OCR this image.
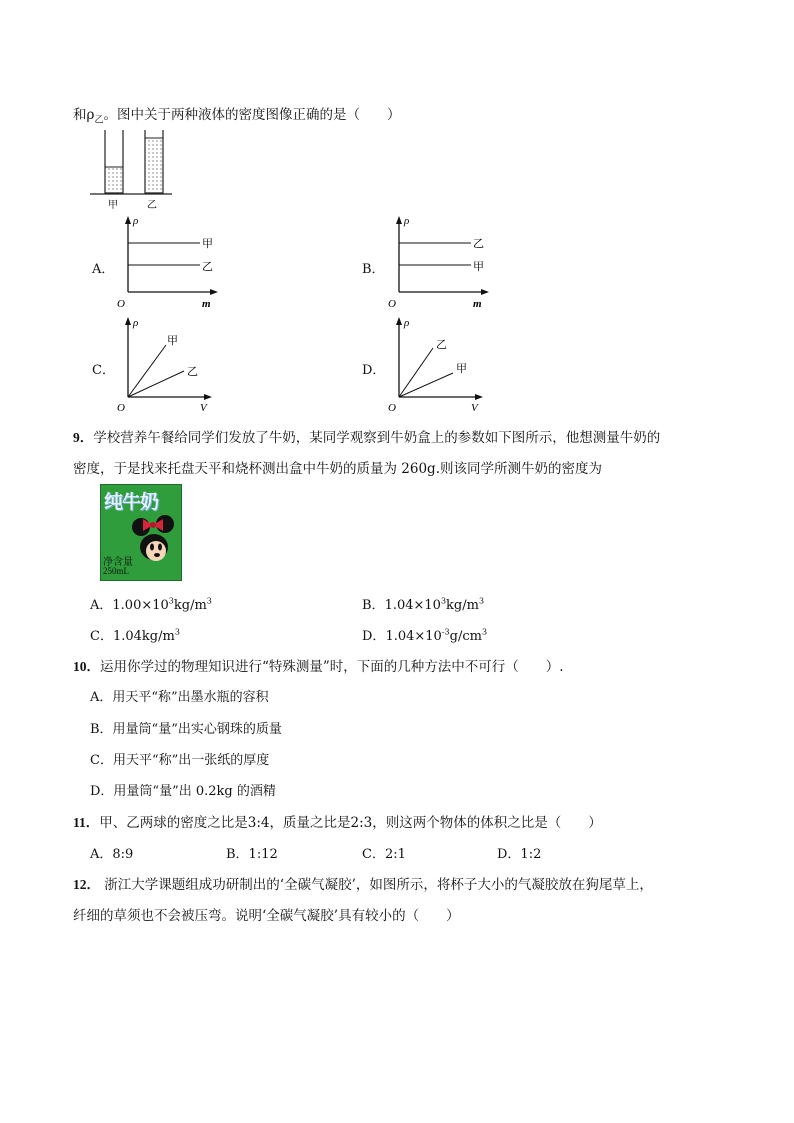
和$\rho_乙$。图中关于两种液体的密度图像正确的是（　　）
甲	乙
A．
ρ
O	m
甲
乙	B．
ρ
O	m
乙
甲
C．
ρ
O	V
甲
乙	D．
ρ
O	V
乙
甲
9．学校营养午餐给同学们发放了牛奶，某同学观察到牛奶盒上的参数如下图所示，他想测量牛奶的
密度，于是找来托盘天平和烧杯测出盒中牛奶的质量为 260g.则该同学所测牛奶的密度为
纯牛奶
净含量
250mL
A．$1.00\times 10^3kg/m^3$	B．$1.04\times 10^3kg/m^3$
C．$1.04kg/m^3$	D．$1.04\times 10^{-3}g/cm^3$
10．运用你学过的物理知识进行“特殊测量”时，下面的几种方法中不可行（　　）.
A．用天平“称”出墨水瓶的容积
B．用量筒“量”出实心钢珠的质量
C．用天平“称”出一张纸的厚度
D．用量筒“量”出 0.2kg 的酒精
11．甲、乙两球的密度之比是3:4，质量之比是2:3，则这两个物体的体积之比是（　　）
A．8:9	B．1:12	C．2:1	D．1:2
12． 浙江大学课题组成功研制出的‘全碳气凝胶’，如图所示，将杯子大小的气凝胶放在狗尾草上，
纤细的草须也不会被压弯。说明‘全碳气凝胶’具有较小的（　　）
